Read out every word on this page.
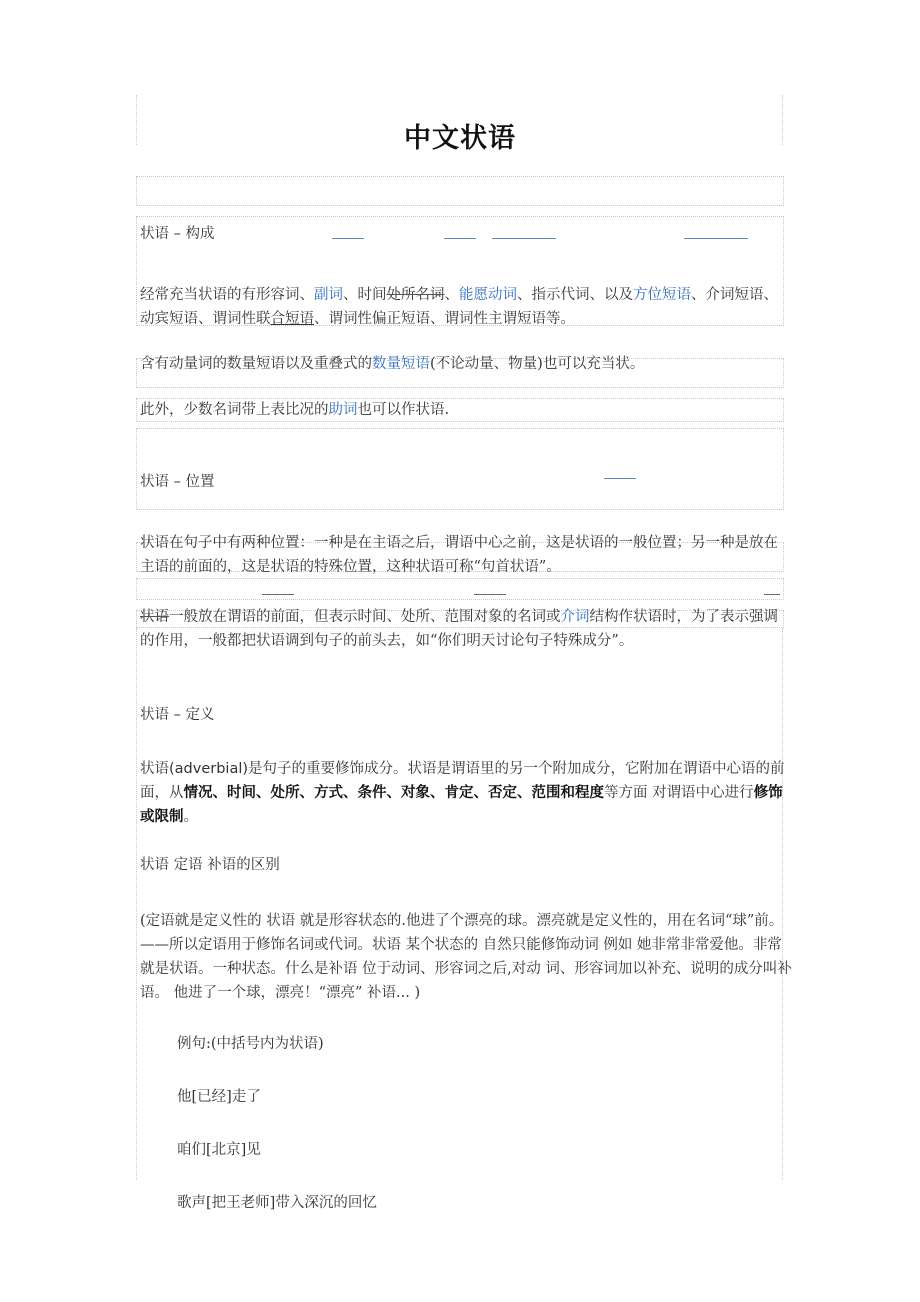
中文状语
状语 – 构成
经常充当状语的有形容词、副词、时间处所名词、能愿动词、指示代词、以及方位短语、介词短语、动宾短语、谓词性联合短语、谓词性偏正短语、谓词性主谓短语等。
含有动量词的数量短语以及重叠式的数量短语(不论动量、物量)也可以充当状。
此外，少数名词带上表比况的助词也可以作状语.
状语 – 位置
状语在句子中有两种位置：一种是在主语之后，谓语中心之前，这是状语的一般位置；另一种是放在主语的前面的，这是状语的特殊位置，这种状语可称“句首状语”。
状语一般放在谓语的前面，但表示时间、处所、范围对象的名词或介词结构作状语时，为了表示强调的作用，一般都把状语调到句子的前头去，如“你们明天讨论句子特殊成分”。
状语 – 定义
状语(adverbial)是句子的重要修饰成分。状语是谓语里的另一个附加成分，它附加在谓语中心语的前面，从情况、时间、处所、方式、条件、对象、肯定、否定、范围和程度等方面 对谓语中心进行修饰或限制。
状语 定语 补语的区别
(定语就是定义性的 状语 就是形容状态的.他进了个漂亮的球。漂亮就是定义性的，用在名词“球”前。——所以定语用于修饰名词或代词。状语 某个状态的 自然只能修饰动词 例如 她非常非常爱他。非常就是状语。一种状态。什么是补语 位于动词、形容词之后,对动 词、形容词加以补充、说明的成分叫补语。 他进了一个球，漂亮！“漂亮” 补语... )
例句:(中括号内为状语)
他[已经]走了
咱们[北京]见
歌声[把王老师]带入深沉的回忆
